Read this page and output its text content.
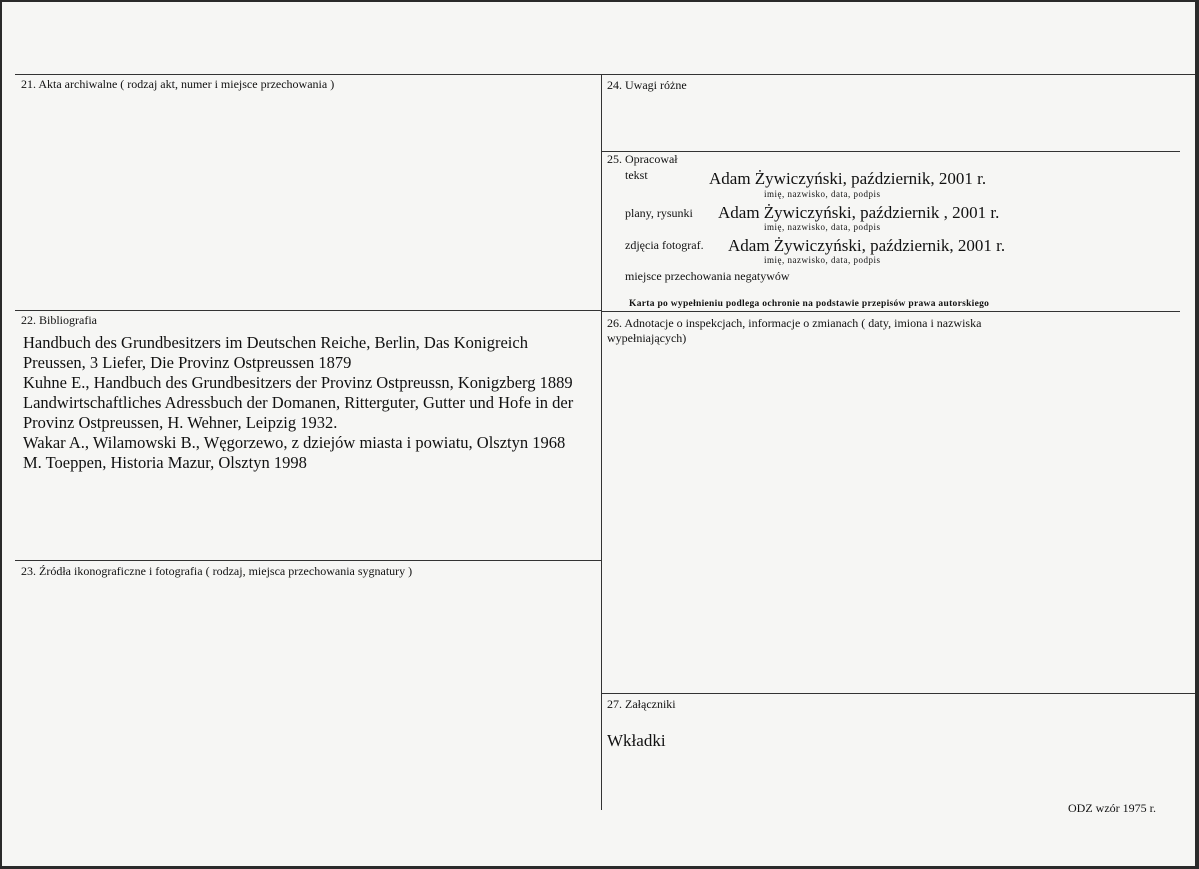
21. Akta archiwalne ( rodzaj akt, numer i miejsce przechowania )
22. Bibliografia
Handbuch des Grundbesitzers im Deutschen Reiche, Berlin, Das Konigreich
Preussen, 3 Liefer, Die Provinz Ostpreussen 1879
Kuhne E., Handbuch des Grundbesitzers der Provinz Ostpreussn, Konigzberg 1889
Landwirtschaftliches Adressbuch der Domanen, Ritterguter, Gutter und Hofe in der
Provinz Ostpreussen, H. Wehner, Leipzig 1932.
Wakar A., Wilamowski B., Węgorzewo, z dziejów miasta i powiatu, Olsztyn 1968
M. Toeppen, Historia Mazur, Olsztyn 1998
23. Źródła ikonograficzne i fotografia ( rodzaj, miejsca przechowania sygnatury )
24. Uwagi różne
25. Opracował
tekst	Adam Żywiczyński, październik, 2001 r.
imię, nazwisko, data, podpis
plany, rysunki Adam Żywiczyński, październik , 2001 r.
imię, nazwisko, data, podpis
zdjęcia fotograf. Adam Żywiczyński, październik, 2001 r.
imię, nazwisko, data, podpis
miejsce przechowania negatywów
Karta po wypełnieniu podlega ochronie na podstawie przepisów prawa autorskiego
26. Adnotacje o inspekcjach, informacje o zmianach ( daty, imiona i nazwiska
wypełniających)
27. Załączniki
Wkładki
ODZ wzór 1975 r.
